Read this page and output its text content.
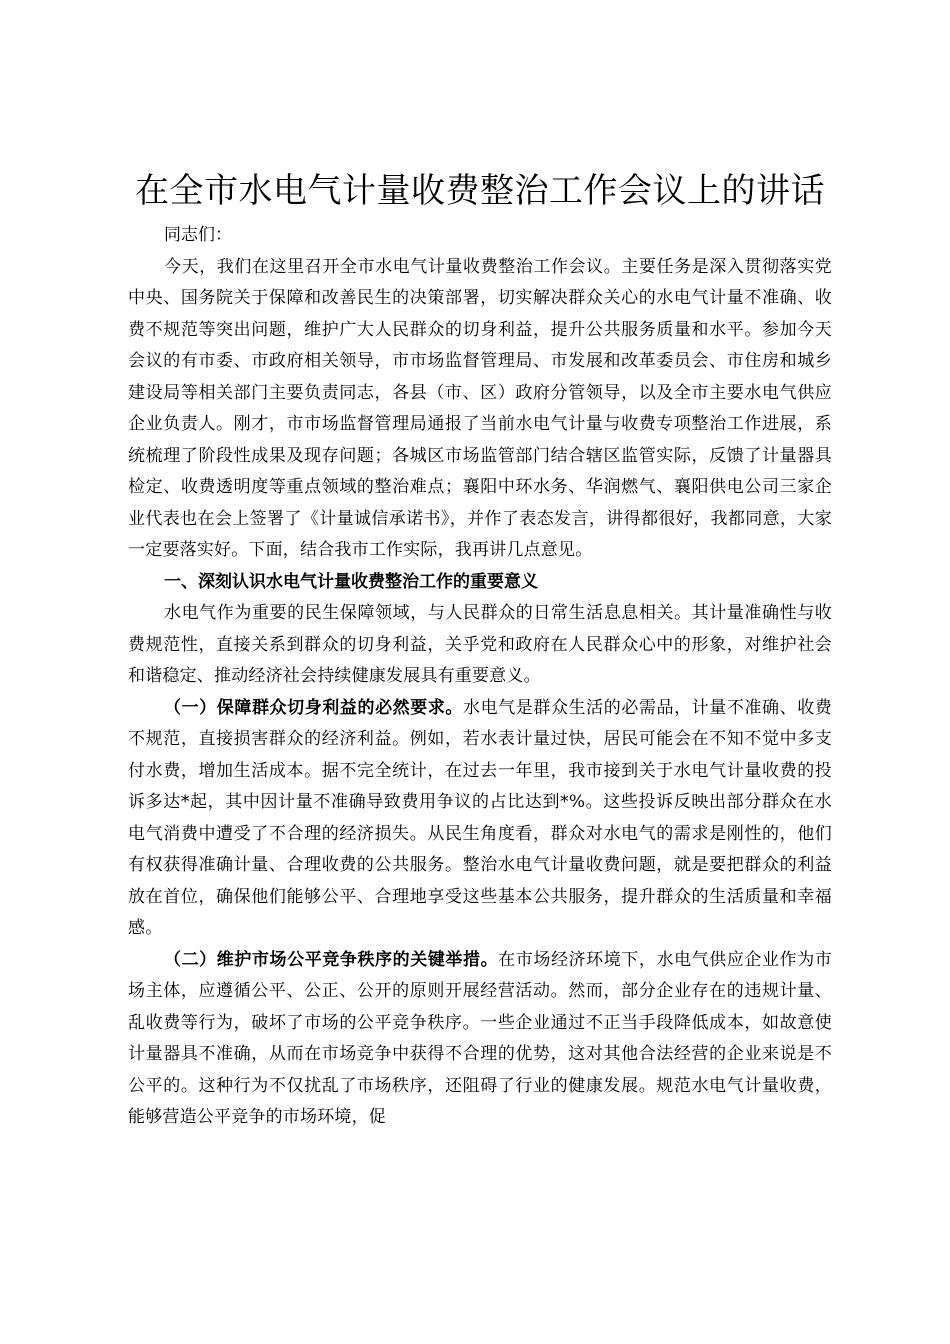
在全市水电气计量收费整治工作会议上的讲话

同志们：

今天，我们在这里召开全市水电气计量收费整治工作会议。主要任务是深入贯彻落实党中央、国务院关于保障和改善民生的决策部署，切实解决群众关心的水电气计量不准确、收费不规范等突出问题，维护广大人民群众的切身利益，提升公共服务质量和水平。参加今天会议的有市委、市政府相关领导，市市场监督管理局、市发展和改革委员会、市住房和城乡建设局等相关部门主要负责同志，各县（市、区）政府分管领导，以及全市主要水电气供应企业负责人。刚才，市市场监督管理局通报了当前水电气计量与收费专项整治工作进展，系统梳理了阶段性成果及现存问题；各城区市场监管部门结合辖区监管实际，反馈了计量器具检定、收费透明度等重点领域的整治难点；襄阳中环水务、华润燃气、襄阳供电公司三家企业代表也在会上签署了《计量诚信承诺书》，并作了表态发言，讲得都很好，我都同意，大家一定要落实好。下面，结合我市工作实际，我再讲几点意见。

一、深刻认识水电气计量收费整治工作的重要意义

水电气作为重要的民生保障领域，与人民群众的日常生活息息相关。其计量准确性与收费规范性，直接关系到群众的切身利益，关乎党和政府在人民群众心中的形象，对维护社会和谐稳定、推动经济社会持续健康发展具有重要意义。

（一）保障群众切身利益的必然要求。水电气是群众生活的必需品，计量不准确、收费不规范，直接损害群众的经济利益。例如，若水表计量过快，居民可能会在不知不觉中多支付水费，增加生活成本。据不完全统计，在过去一年里，我市接到关于水电气计量收费的投诉多达*起，其中因计量不准确导致费用争议的占比达到*%。这些投诉反映出部分群众在水电气消费中遭受了不合理的经济损失。从民生角度看，群众对水电气的需求是刚性的，他们有权获得准确计量、合理收费的公共服务。整治水电气计量收费问题，就是要把群众的利益放在首位，确保他们能够公平、合理地享受这些基本公共服务，提升群众的生活质量和幸福感。

（二）维护市场公平竞争秩序的关键举措。在市场经济环境下，水电气供应企业作为市场主体，应遵循公平、公正、公开的原则开展经营活动。然而，部分企业存在的违规计量、乱收费等行为，破坏了市场的公平竞争秩序。一些企业通过不正当手段降低成本，如故意使计量器具不准确，从而在市场竞争中获得不合理的优势，这对其他合法经营的企业来说是不公平的。这种行为不仅扰乱了市场秩序，还阻碍了行业的健康发展。规范水电气计量收费，能够营造公平竞争的市场环境，促
